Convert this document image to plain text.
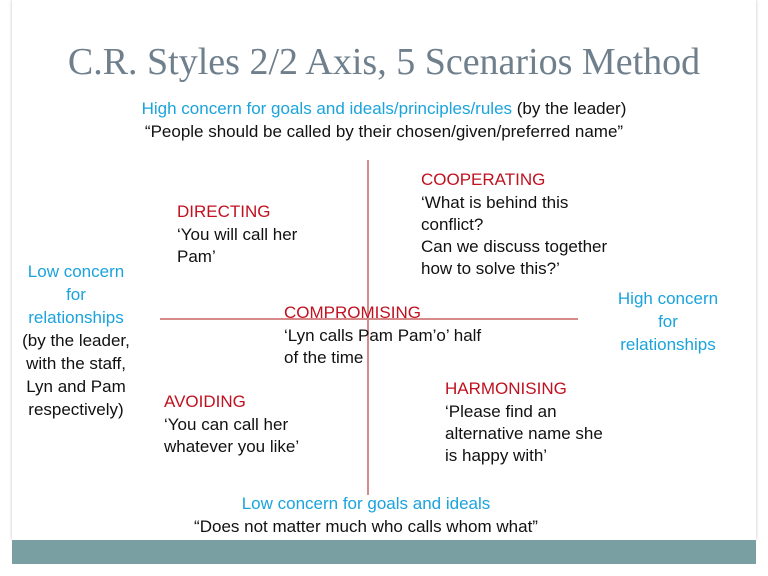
C.R. Styles 2/2 Axis, 5 Scenarios Method
High concern for goals and ideals/principles/rules (by the leader)
“People should be called by their chosen/given/preferred name”
Low concern
for
relationships
(by the leader,
with the staff,
Lyn and Pam
respectively)
High concern
for
relationships
DIRECTING
‘You will call her
Pam’
COOPERATING
‘What is behind this
conflict?
Can we discuss together
how to solve this?’
COMPROMISING
‘Lyn calls Pam Pam’o’ half
of the time
AVOIDING
‘You can call her
whatever you like’
HARMONISING
‘Please find an
alternative name she
is happy with’
Low concern for goals and ideals
“Does not matter much who calls whom what”
